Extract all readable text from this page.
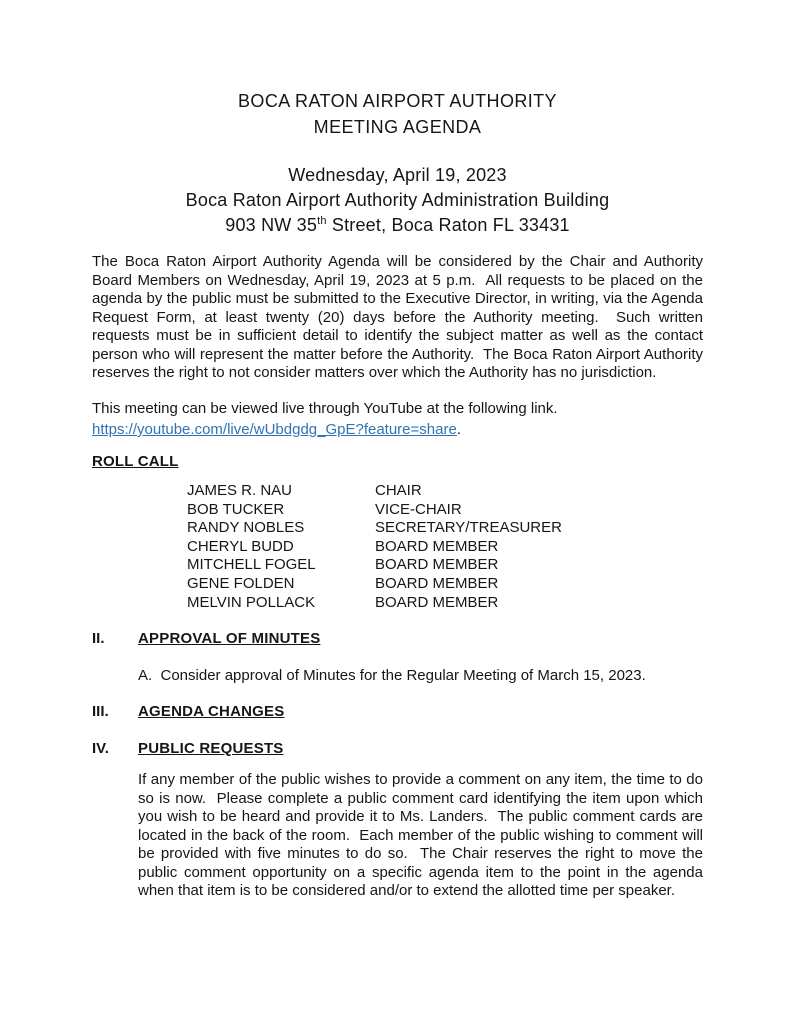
BOCA RATON AIRPORT AUTHORITY
MEETING AGENDA
Wednesday, April 19, 2023
Boca Raton Airport Authority Administration Building
903 NW 35th Street, Boca Raton FL 33431

The Boca Raton Airport Authority Agenda will be considered by the Chair and Authority Board Members on Wednesday, April 19, 2023 at 5 p.m.  All requests to be placed on the agenda by the public must be submitted to the Executive Director, in writing, via the Agenda Request Form, at least twenty (20) days before the Authority meeting.  Such written requests must be in sufficient detail to identify the subject matter as well as the contact person who will represent the matter before the Authority.  The Boca Raton Airport Authority reserves the right to not consider matters over which the Authority has no jurisdiction.

This meeting can be viewed live through YouTube at the following link.
https://youtube.com/live/wUbdgdg_GpE?feature=share.
ROLL CALL
JAMES R. NAU	CHAIR
BOB TUCKER	VICE-CHAIR
RANDY NOBLES	SECRETARY/TREASURER
CHERYL BUDD	BOARD MEMBER
MITCHELL FOGEL	BOARD MEMBER
GENE FOLDEN	BOARD MEMBER
MELVIN POLLACK	BOARD MEMBER
II.	APPROVAL OF MINUTES
A.  Consider approval of Minutes for the Regular Meeting of March 15, 2023.
III.	AGENDA CHANGES
IV.	PUBLIC REQUESTS

If any member of the public wishes to provide a comment on any item, the time to do so is now.  Please complete a public comment card identifying the item upon which you wish to be heard and provide it to Ms. Landers.  The public comment cards are located in the back of the room.  Each member of the public wishing to comment will be provided with five minutes to do so.  The Chair reserves the right to move the public comment opportunity on a specific agenda item to the point in the agenda when that item is to be considered and/or to extend the allotted time per speaker.
